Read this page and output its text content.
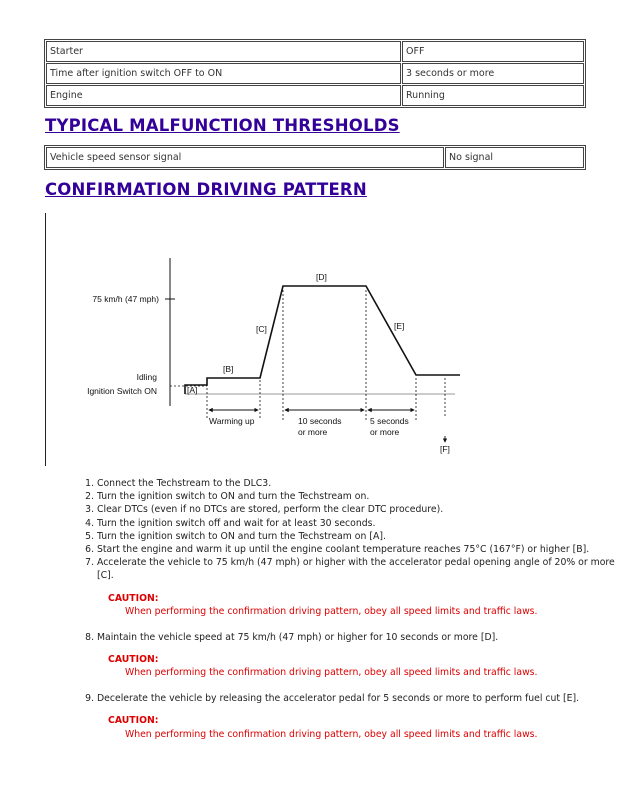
Starter	OFF
Time after ignition switch OFF to ON	3 seconds or more
Engine	Running
TYPICAL MALFUNCTION THRESHOLDS
Vehicle speed sensor signal	No signal
CONFIRMATION DRIVING PATTERN
75 km/h (47 mph)
Idling
Ignition Switch ON	[A]
[B]
[C]
[D]
[E]
[F]
Warming up	10 seconds
or more
5 seconds
or more
1. Connect the Techstream to the DLC3.
2. Turn the ignition switch to ON and turn the Techstream on.
3. Clear DTCs (even if no DTCs are stored, perform the clear DTC procedure).
4. Turn the ignition switch off and wait for at least 30 seconds.
5. Turn the ignition switch to ON and turn the Techstream on [A].
6. Start the engine and warm it up until the engine coolant temperature reaches 75°C (167°F) or higher [B].
7. Accelerate the vehicle to 75 km/h (47 mph) or higher with the accelerator pedal opening angle of 20% or more [C].
CAUTION:
When performing the confirmation driving pattern, obey all speed limits and traffic laws.
8. Maintain the vehicle speed at 75 km/h (47 mph) or higher for 10 seconds or more [D].
CAUTION:
When performing the confirmation driving pattern, obey all speed limits and traffic laws.
9. Decelerate the vehicle by releasing the accelerator pedal for 5 seconds or more to perform fuel cut [E].
CAUTION:
When performing the confirmation driving pattern, obey all speed limits and traffic laws.
